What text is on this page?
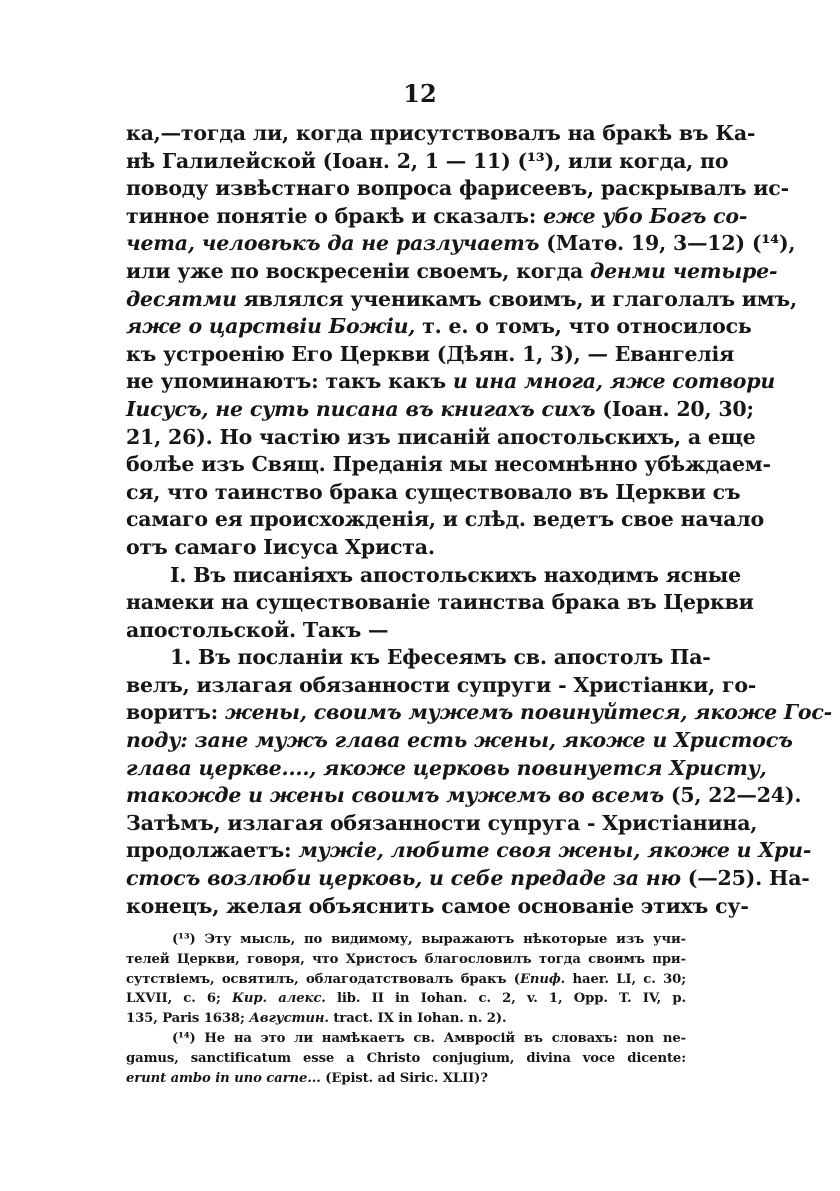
12
ка,—тогда ли, когда присутствовалъ на бракѣ въ Ка-
нѣ Галилейской (Іоан. 2, 1 — 11) (¹³), или когда, по
поводу извѣстнаго вопроса фарисеевъ, раскрывалъ ис-
тинное понятіе о бракѣ и сказалъ: еже убо Богъ со-
чета, человѣкъ да не разлучаетъ (Матѳ. 19, 3—12) (¹⁴),
или уже по воскресеніи своемъ, когда денми четыре-
десятми являлся ученикамъ своимъ, и глаголалъ имъ,
яже о царствіи Божіи, т. е. о томъ, что относилось
къ устроенію Его Церкви (Дѣян. 1, 3), — Евангелія
не упоминаютъ: такъ какъ и ина многа, яже сотвори
Іисусъ, не суть писана въ книгахъ сихъ (Іоан. 20, 30;
21, 26). Но частію изъ писаній апостольскихъ, а еще
болѣе изъ Свящ. Преданія мы несомнѣнно убѣждаем-
ся, что таинство брака существовало въ Церкви съ
самаго ея происхожденія, и слѣд. ведетъ свое начало
отъ самаго Іисуса Христа.
I. Въ писаніяхъ апостольскихъ находимъ ясные
намеки на существованіе таинства брака въ Церкви
апостольской. Такъ —
1. Въ посланіи къ Ефесеямъ св. апостолъ Па-
велъ, излагая обязанности супруги - Христіанки, го-
воритъ: жены, своимъ мужемъ повинуйтеся, якоже Гос-
поду: зане мужъ глава есть жены, якоже и Христосъ
глава церкве...., якоже церковь повинуется Христу,
такожде и жены своимъ мужемъ во всемъ (5, 22—24).
Затѣмъ, излагая обязанности супруга - Христіанина,
продолжаетъ: мужіе, любите своя жены, якоже и Хри-
стосъ возлюби церковь, и себе предаде за ню (—25). На-
конецъ, желая объяснить самое основаніе этихъ су-
(¹³) Эту мысль, по видимому, выражаютъ нѣкоторые изъ учи-
телей Церкви, говоря, что Христосъ благословилъ тогда своимъ при-
сутствіемъ, освятилъ, облагодатствовалъ бракъ (Епиф. haer. LI, c. 30;
LXVII, c. 6; Кир. алекс. lib. II in Iohan. c. 2, v. 1, Opp. T. IV, p.
135, Paris 1638; Августин. tract. IX in Iohan. n. 2).
(¹⁴) Не на это ли намѣкаетъ св. Амвросій въ словахъ: non ne-
gamus, sanctificatum esse a Christo conjugium, divina voce dicente:
erunt ambo in uno carne... (Epist. ad Siric. XLII)?
